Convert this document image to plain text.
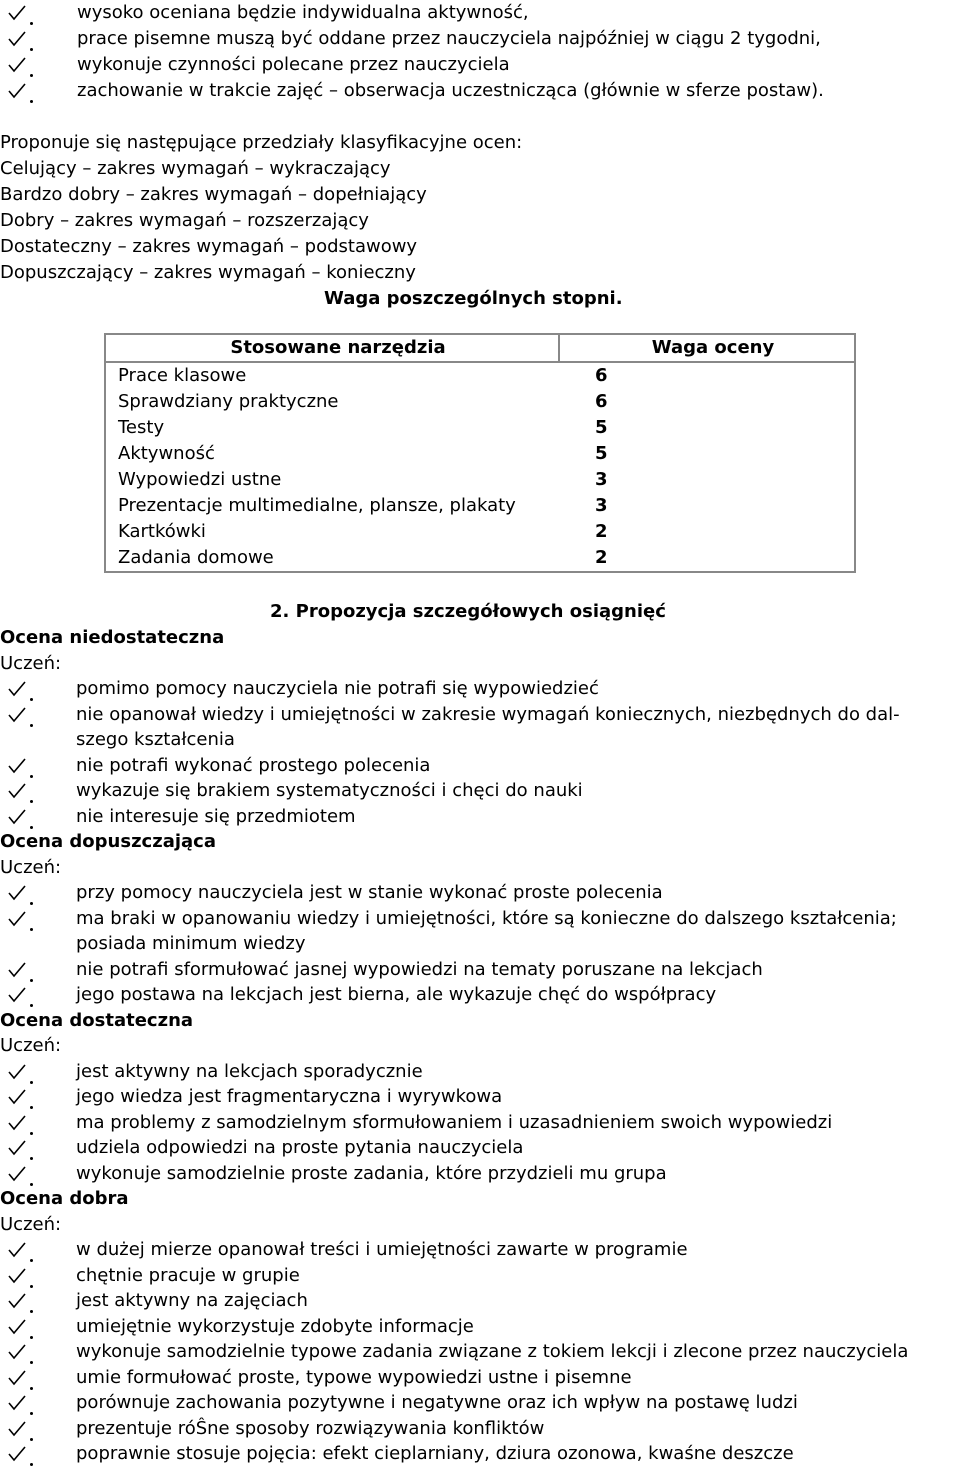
wysoko oceniana będzie indywidualna aktywność,
prace pisemne muszą być oddane przez nauczyciela najpóźniej w ciągu 2 tygodni,
wykonuje czynności polecane przez nauczyciela
zachowanie w trakcie zajęć – obserwacja uczestnicząca (głównie w sferze postaw).
Proponuje się następujące przedziały klasyfikacyjne ocen:
Celujący – zakres wymagań – wykraczający
Bardzo dobry – zakres wymagań – dopełniający
Dobry – zakres wymagań – rozszerzający
Dostateczny – zakres wymagań – podstawowy
Dopuszczający – zakres wymagań – konieczny
Waga poszczególnych stopni.
Stosowane narzędzia	Waga oceny
Prace klasowe	6
Sprawdziany praktyczne	6
Testy	5
Aktywność	5
Wypowiedzi ustne	3
Prezentacje multimedialne, plansze, plakaty	3
Kartkówki	2
Zadania domowe	2
2. Propozycja szczegółowych osiągnięć
Ocena niedostateczna
Uczeń:
pomimo pomocy nauczyciela nie potrafi się wypowiedzieć
nie opanował wiedzy i umiejętności w zakresie wymagań koniecznych, niezbędnych do dal-
szego kształcenia
nie potrafi wykonać prostego polecenia
wykazuje się brakiem systematyczności i chęci do nauki
nie interesuje się przedmiotem
Ocena dopuszczająca
Uczeń:
przy pomocy nauczyciela jest w stanie wykonać proste polecenia
ma braki w opanowaniu wiedzy i umiejętności, które są konieczne do dalszego kształcenia;
posiada minimum wiedzy
nie potrafi sformułować jasnej wypowiedzi na tematy poruszane na lekcjach
jego postawa na lekcjach jest bierna, ale wykazuje chęć do współpracy
Ocena dostateczna
Uczeń:
jest aktywny na lekcjach sporadycznie
jego wiedza jest fragmentaryczna i wyrywkowa
ma problemy z samodzielnym sformułowaniem i uzasadnieniem swoich wypowiedzi
udziela odpowiedzi na proste pytania nauczyciela
wykonuje samodzielnie proste zadania, które przydzieli mu grupa
Ocena dobra
Uczeń:
w dużej mierze opanował treści i umiejętności zawarte w programie
chętnie pracuje w grupie
jest aktywny na zajęciach
umiejętnie wykorzystuje zdobyte informacje
wykonuje samodzielnie typowe zadania związane z tokiem lekcji i zlecone przez nauczyciela
umie formułować proste, typowe wypowiedzi ustne i pisemne
porównuje zachowania pozytywne i negatywne oraz ich wpływ na postawę ludzi
prezentuje róŜne sposoby rozwiązywania konfliktów
poprawnie stosuje pojęcia: efekt cieplarniany, dziura ozonowa, kwaśne deszcze
